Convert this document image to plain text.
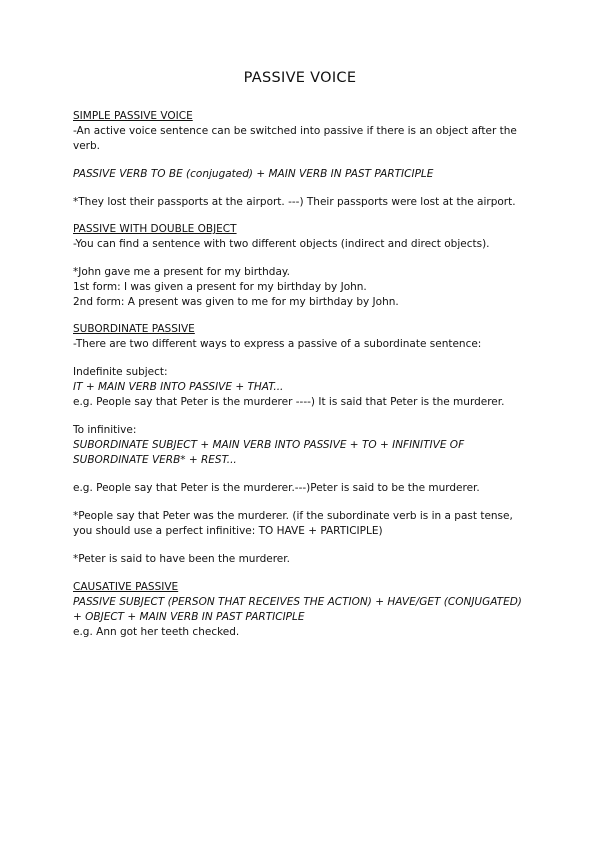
PASSIVE VOICE
SIMPLE PASSIVE VOICE
-An active voice sentence can be switched into passive if there is an object after the verb.
PASSIVE VERB TO BE (conjugated) + MAIN VERB IN PAST PARTICIPLE
*They lost their passports at the airport. ---) Their passports were lost at the airport.
PASSIVE WITH DOUBLE OBJECT
-You can find a sentence with two different objects (indirect and direct objects).
*John gave me a present for my birthday.
1st form: I was given a present for my birthday by John.
2nd form: A present was given to me for my birthday by John.
SUBORDINATE PASSIVE
-There are two different ways to express a passive of a subordinate sentence:
Indefinite subject:
IT + MAIN VERB INTO PASSIVE + THAT...
e.g. People say that Peter is the murderer ----) It is said that Peter is the murderer.
To infinitive:
SUBORDINATE SUBJECT + MAIN VERB INTO PASSIVE + TO + INFINITIVE OF SUBORDINATE VERB* + REST...
e.g. People say that Peter is the murderer.---)Peter is said to be the murderer.
*People say that Peter was the murderer. (if the subordinate verb is in a past tense, you should use a perfect infinitive: TO HAVE + PARTICIPLE)
*Peter is said to have been the murderer.
CAUSATIVE PASSIVE
PASSIVE SUBJECT (PERSON THAT RECEIVES THE ACTION) + HAVE/GET (CONJUGATED) + OBJECT + MAIN VERB IN PAST PARTICIPLE
e.g. Ann got her teeth checked.
